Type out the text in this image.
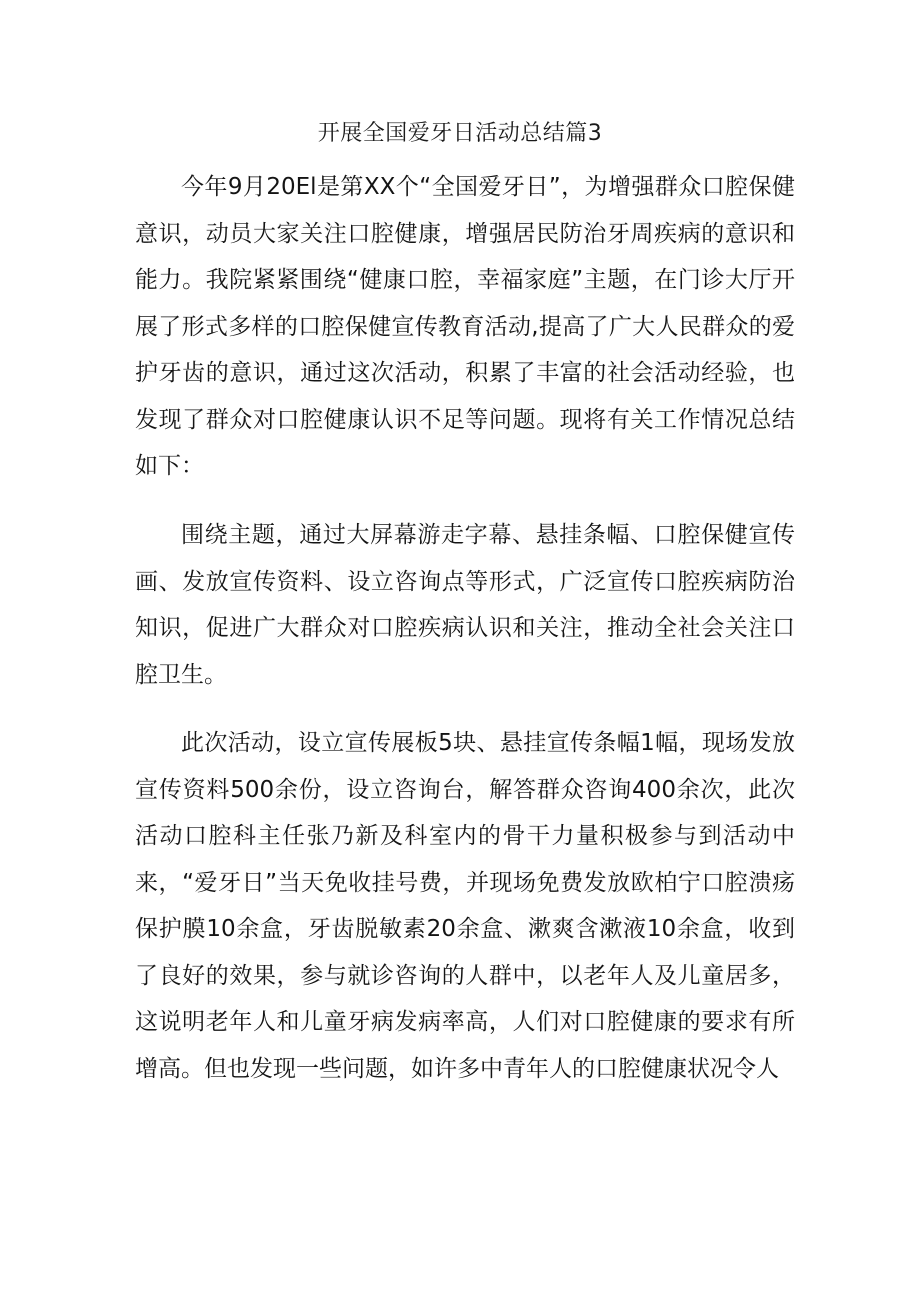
开展全国爱牙日活动总结篇3

今年9月20El是第XX个“全国爱牙日”，为增强群众口腔保健意识，动员大家关注口腔健康，增强居民防治牙周疾病的意识和能力。我院紧紧围绕“健康口腔，幸福家庭”主题，在门诊大厅开展了形式多样的口腔保健宣传教育活动,提高了广大人民群众的爱护牙齿的意识，通过这次活动，积累了丰富的社会活动经验，也发现了群众对口腔健康认识不足等问题。现将有关工作情况总结如下：

围绕主题，通过大屏幕游走字幕、悬挂条幅、口腔保健宣传画、发放宣传资料、设立咨询点等形式，广泛宣传口腔疾病防治知识，促进广大群众对口腔疾病认识和关注，推动全社会关注口腔卫生。

此次活动，设立宣传展板5块、悬挂宣传条幅1幅，现场发放宣传资料500余份，设立咨询台，解答群众咨询400余次，此次活动口腔科主任张乃新及科室内的骨干力量积极参与到活动中来，“爱牙日”当天免收挂号费，并现场免费发放欧柏宁口腔溃疡保护膜10余盒，牙齿脱敏素20余盒、漱爽含漱液10余盒，收到了良好的效果，参与就诊咨询的人群中，以老年人及儿童居多，这说明老年人和儿童牙病发病率高，人们对口腔健康的要求有所增高。但也发现一些问题，如许多中青年人的口腔健康状况令人
